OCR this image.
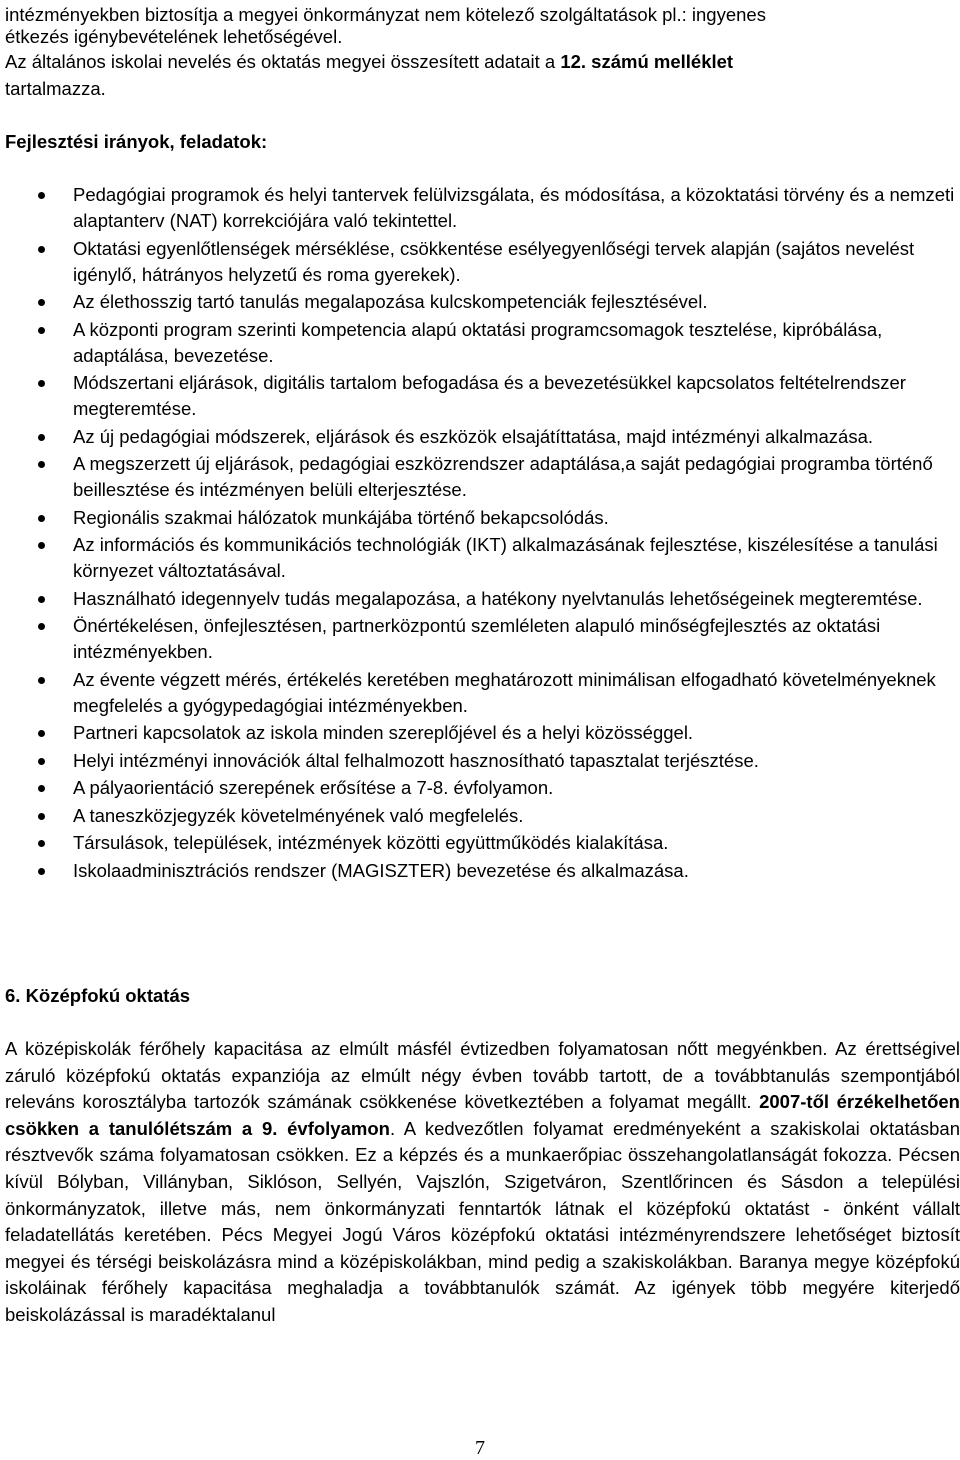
intézményekben biztosítja a megyei önkormányzat nem kötelező szolgáltatások pl.: ingyenes
étkezés igénybevételének lehetőségével.
Az általános iskolai nevelés és oktatás megyei összesített adatait a 12. számú melléklet
tartalmazza.
Fejlesztési irányok, feladatok:
Pedagógiai programok és helyi tantervek felülvizsgálata, és módosítása, a közoktatási törvény és a nemzeti alaptanterv (NAT) korrekciójára való tekintettel.
Oktatási egyenlőtlenségek mérséklése, csökkentése esélyegyenlőségi tervek alapján (sajátos nevelést igénylő, hátrányos helyzetű és roma gyerekek).
Az élethosszig tartó tanulás megalapozása kulcskompetenciák fejlesztésével.
A központi program szerinti kompetencia alapú oktatási programcsomagok tesztelése, kipróbálása, adaptálása, bevezetése.
Módszertani eljárások, digitális tartalom befogadása és a bevezetésükkel kapcsolatos feltételrendszer megteremtése.
Az új pedagógiai módszerek, eljárások és eszközök elsajátíttatása, majd intézményi alkalmazása.
A megszerzett új eljárások, pedagógiai eszközrendszer adaptálása,a saját pedagógiai programba történő beillesztése és intézményen belüli elterjesztése.
Regionális szakmai hálózatok munkájába történő bekapcsolódás.
Az információs és kommunikációs technológiák (IKT) alkalmazásának fejlesztése, kiszélesítése a tanulási környezet változtatásával.
Használható idegennyelv tudás megalapozása, a hatékony nyelvtanulás lehetőségeinek megteremtése.
Önértékelésen, önfejlesztésen, partnerközpontú szemléleten alapuló minőségfejlesztés az oktatási intézményekben.
Az évente végzett mérés, értékelés keretében meghatározott minimálisan elfogadható követelményeknek megfelelés a gyógypedagógiai intézményekben.
Partneri kapcsolatok az iskola minden szereplőjével és a helyi közösséggel.
Helyi intézményi innovációk által felhalmozott hasznosítható tapasztalat terjésztése.
A pályaorientáció szerepének erősítése a 7-8. évfolyamon.
A taneszközjegyzék követelményének való megfelelés.
Társulások, települések, intézmények közötti együttműködés kialakítása.
Iskolaadminisztrációs rendszer (MAGISZTER) bevezetése és alkalmazása.
6. Középfokú oktatás
A középiskolák férőhely kapacitása az elmúlt másfél évtizedben folyamatosan nőtt megyénkben. Az érettségivel záruló középfokú oktatás expanziója az elmúlt négy évben tovább tartott, de a továbbtanulás szempontjából releváns korosztályba tartozók számának csökkenése következtében a folyamat megállt. 2007-től érzékelhetően csökken a tanulólétszám a 9. évfolyamon. A kedvezőtlen folyamat eredményeként a szakiskolai oktatásban résztvevők száma folyamatosan csökken. Ez a képzés és a munkaerőpiac összehangolatlanságát fokozza. Pécsen kívül Bólyban, Villányban, Siklóson, Sellyén, Vajszlón, Szigetváron, Szentlőrincen és Sásdon a települési önkormányzatok, illetve más, nem önkormányzati fenntartók látnak el középfokú oktatást - önként vállalt feladatellátás keretében. Pécs Megyei Jogú Város középfokú oktatási intézményrendszere lehetőséget biztosít megyei és térségi beiskolázásra mind a középiskolákban, mind pedig a szakiskolákban. Baranya megye középfokú iskoláinak férőhely kapacitása meghaladja a továbbtanulók számát. Az igények több megyére kiterjedő beiskolázással is maradéktalanul
7
